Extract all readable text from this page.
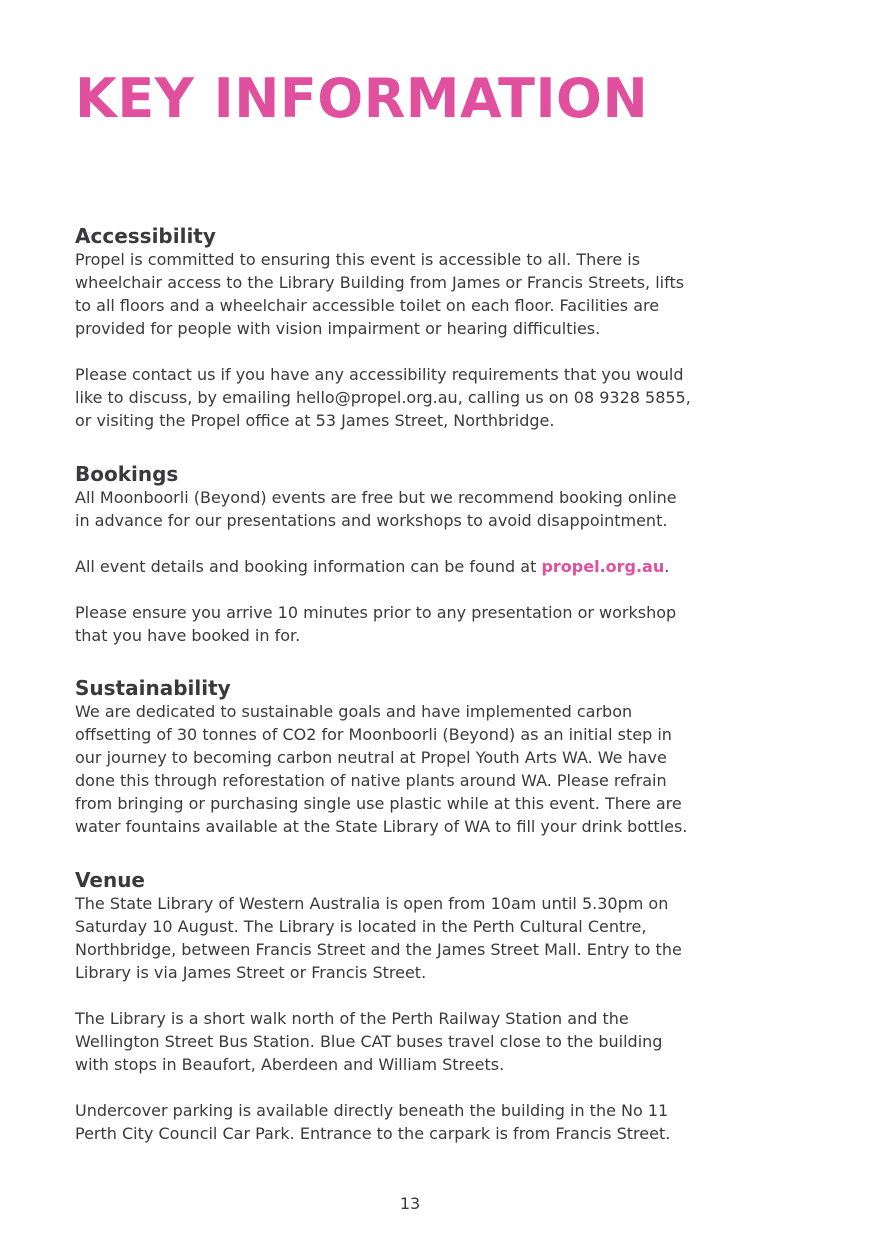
KEY INFORMATION
Accessibility

Propel is committed to ensuring this event is accessible to all. There is
wheelchair access to the Library Building from James or Francis Streets, lifts
to all floors and a wheelchair accessible toilet on each floor. Facilities are
provided for people with vision impairment or hearing difficulties.

Please contact us if you have any accessibility requirements that you would
like to discuss, by emailing hello@propel.org.au, calling us on 08 9328 5855,
or visiting the Propel office at 53 James Street, Northbridge.

Bookings

All Moonboorli (Beyond) events are free but we recommend booking online
in advance for our presentations and workshops to avoid disappointment.

All event details and booking information can be found at propel.org.au.

Please ensure you arrive 10 minutes prior to any presentation or workshop
that you have booked in for.

Sustainability

We are dedicated to sustainable goals and have implemented carbon
offsetting of 30 tonnes of CO2 for Moonboorli (Beyond) as an initial step in
our journey to becoming carbon neutral at Propel Youth Arts WA. We have
done this through reforestation of native plants around WA. Please refrain
from bringing or purchasing single use plastic while at this event. There are
water fountains available at the State Library of WA to fill your drink bottles.

Venue

The State Library of Western Australia is open from 10am until 5.30pm on
Saturday 10 August. The Library is located in the Perth Cultural Centre,
Northbridge, between Francis Street and the James Street Mall. Entry to the
Library is via James Street or Francis Street.

The Library is a short walk north of the Perth Railway Station and the
Wellington Street Bus Station. Blue CAT buses travel close to the building
with stops in Beaufort, Aberdeen and William Streets.

Undercover parking is available directly beneath the building in the No 11
Perth City Council Car Park. Entrance to the carpark is from Francis Street.

13
